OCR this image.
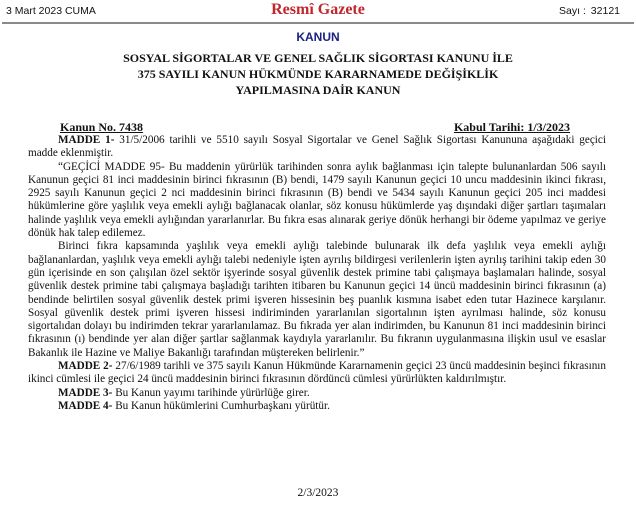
3 Mart 2023 CUMA	Resmî Gazete	Sayı : 32121
KANUN
SOSYAL SİGORTALAR VE GENEL SAĞLIK SİGORTASI KANUNU İLE
375 SAYILI KANUN HÜKMÜNDE KARARNAMEDE DEĞİŞİKLİK
YAPILMASINA DAİR KANUN
Kanun No. 7438	Kabul Tarihi: 1/3/2023

MADDE 1- 31/5/2006 tarihli ve 5510 sayılı Sosyal Sigortalar ve Genel Sağlık Sigortası Kanununa aşağıdaki geçici madde eklenmiştir.

“GEÇİCİ MADDE 95- Bu maddenin yürürlük tarihinden sonra aylık bağlanması için talepte bulunanlardan 506 sayılı Kanunun geçici 81 inci maddesinin birinci fıkrasının (B) bendi, 1479 sayılı Kanunun geçici 10 uncu maddesinin ikinci fıkrası, 2925 sayılı Kanunun geçici 2 nci maddesinin birinci fıkrasının (B) bendi ve 5434 sayılı Kanunun geçici 205 inci maddesi hükümlerine göre yaşlılık veya emekli aylığı bağlanacak olanlar, söz konusu hükümlerde yaş dışındaki diğer şartları taşımaları halinde yaşlılık veya emekli aylığından yararlanırlar. Bu fıkra esas alınarak geriye dönük herhangi bir ödeme yapılmaz ve geriye dönük hak talep edilemez.

Birinci fıkra kapsamında yaşlılık veya emekli aylığı talebinde bulunarak ilk defa yaşlılık veya emekli aylığı bağlananlardan, yaşlılık veya emekli aylığı talebi nedeniyle işten ayrılış bildirgesi verilenlerin işten ayrılış tarihini takip eden 30 gün içerisinde en son çalışılan özel sektör işyerinde sosyal güvenlik destek primine tabi çalışmaya başlamaları halinde, sosyal güvenlik destek primine tabi çalışmaya başladığı tarihten itibaren bu Kanunun geçici 14 üncü maddesinin birinci fıkrasının (a) bendinde belirtilen sosyal güvenlik destek primi işveren hissesinin beş puanlık kısmına isabet eden tutar Hazinece karşılanır. Sosyal güvenlik destek primi işveren hissesi indiriminden yararlanılan sigortalının işten ayrılması halinde, söz konusu sigortalıdan dolayı bu indirimden tekrar yararlanılamaz. Bu fıkrada yer alan indirimden, bu Kanunun 81 inci maddesinin birinci fıkrasının (ı) bendinde yer alan diğer şartlar sağlanmak kaydıyla yararlanılır. Bu fıkranın uygulanmasına ilişkin usul ve esaslar Bakanlık ile Hazine ve Maliye Bakanlığı tarafından müştereken belirlenir.”

MADDE 2- 27/6/1989 tarihli ve 375 sayılı Kanun Hükmünde Kararnamenin geçici 23 üncü maddesinin beşinci fıkrasının ikinci cümlesi ile geçici 24 üncü maddesinin birinci fıkrasının dördüncü cümlesi yürürlükten kaldırılmıştır.

MADDE 3- Bu Kanun yayımı tarihinde yürürlüğe girer.

MADDE 4- Bu Kanun hükümlerini Cumhurbaşkanı yürütür.

2/3/2023
